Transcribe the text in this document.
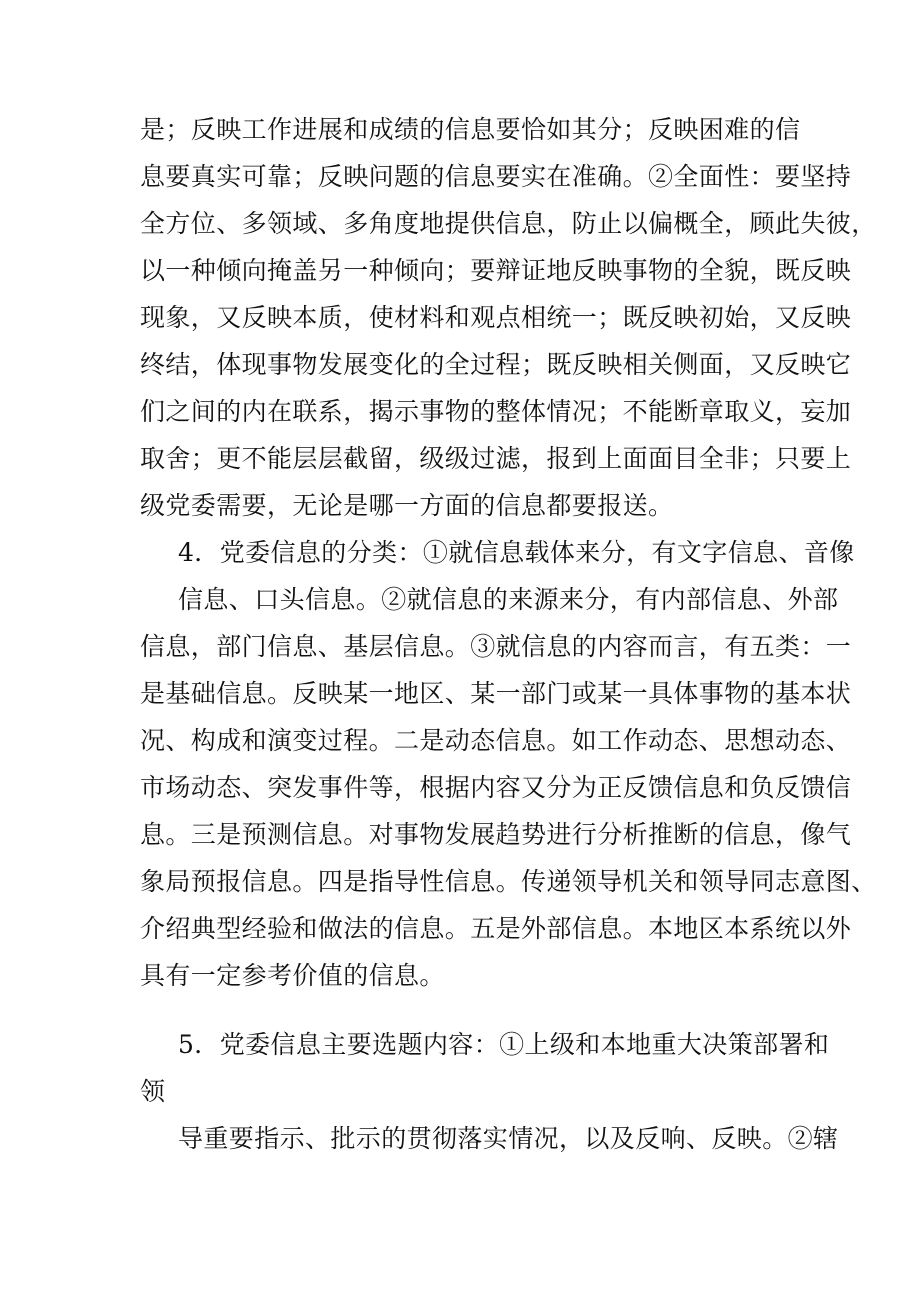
是；反映工作进展和成绩的信息要恰如其分；反映困难的信
息要真实可靠；反映问题的信息要实在准确。②全面性：要坚持
全方位、多领域、多角度地提供信息，防止以偏概全，顾此失彼，
以一种倾向掩盖另一种倾向；要辩证地反映事物的全貌，既反映
现象，又反映本质，使材料和观点相统一；既反映初始，又反映
终结，体现事物发展变化的全过程；既反映相关侧面，又反映它
们之间的内在联系，揭示事物的整体情况；不能断章取义，妄加
取舍；更不能层层截留，级级过滤，报到上面面目全非；只要上
级党委需要，无论是哪一方面的信息都要报送。
4．党委信息的分类：①就信息载体来分，有文字信息、音像
信息、口头信息。②就信息的来源来分，有内部信息、外部
信息，部门信息、基层信息。③就信息的内容而言，有五类：一
是基础信息。反映某一地区、某一部门或某一具体事物的基本状
况、构成和演变过程。二是动态信息。如工作动态、思想动态、
市场动态、突发事件等，根据内容又分为正反馈信息和负反馈信
息。三是预测信息。对事物发展趋势进行分析推断的信息，像气
象局预报信息。四是指导性信息。传递领导机关和领导同志意图、
介绍典型经验和做法的信息。五是外部信息。本地区本系统以外
具有一定参考价值的信息。
5．党委信息主要选题内容：①上级和本地重大决策部署和
领
导重要指示、批示的贯彻落实情况，以及反响、反映。②辖
